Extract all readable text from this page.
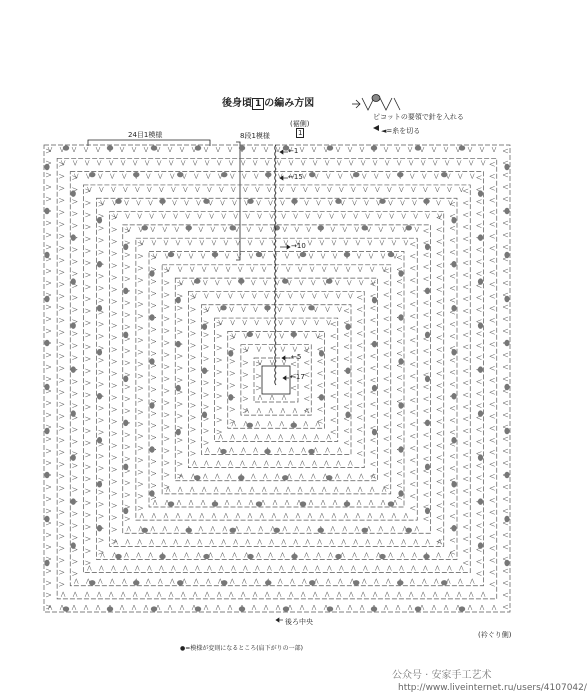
後身頃 1 の編み方図
(裾側)
1
24目1模様	8段1模様
←1
←15
→10
←5
←17
ピコットの要領で針を入れる
◄=糸を切る
後ろ中央
(衿ぐり側)
●=模様が変則になるところ(肩下がりの一部)
公众号 · 安家手工艺术
http://www.liveinternet.ru/users/4107042/
